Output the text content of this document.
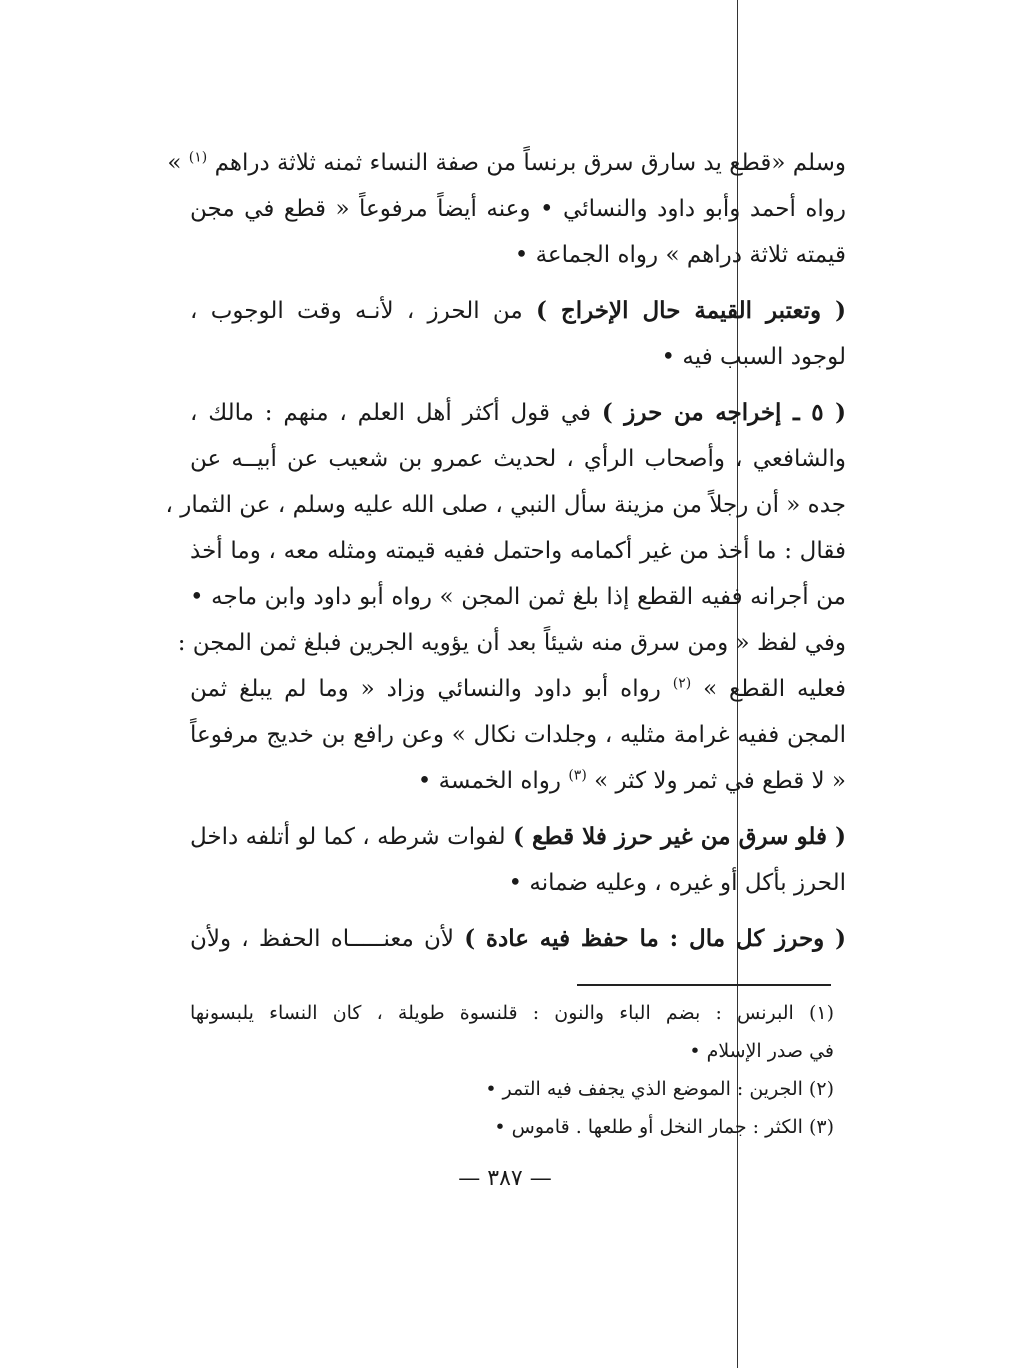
وسلم «قطع يد سارق سرق برنساً من صفة النساء ثمنه ثلاثة دراهم $^{(١)}$ »
رواه أحمد وأبو داود والنسائي • وعنه أيضاً مرفوعاً « قطع في مجن
قيمته ثلاثة دراهم » رواه الجماعة •
( وتعتبر القيمة حال الإخراج ) من الحرز ، لأنـه وقت الوجوب ،
لوجود السبب فيه •
( ٥ ـ إخراجه من حرز ) في قول أكثر أهل العلم ، منهم : مالك ،
والشافعي ، وأصحاب الرأي ، لحديث عمرو بن شعيب عن أبيــه عن
جده « أن رجلاً من مزينة سأل النبي ، صلى الله عليه وسلم ، عن الثمار ،
فقال : ما أخذ من غير أكمامه واحتمل ففيه قيمته ومثله معه ، وما أخذ
من أجرانه ففيه القطع إذا بلغ ثمن المجن » رواه أبو داود وابن ماجه •
وفي لفظ « ومن سرق منه شيئاً بعد أن يؤويه الجرين فبلغ ثمن المجن :
فعليه القطع » $^{(٢)}$ رواه أبو داود والنسائي وزاد « وما لم يبلغ ثمن
المجن ففيه غرامة مثليه ، وجلدات نكال » وعن رافع بن خديج مرفوعاً
« لا قطع في ثمر ولا كثر » $^{(٣)}$ رواه الخمسة •
( فلو سرق من غير حرز فلا قطع ) لفوات شرطه ، كما لو أتلفه داخل
الحرز بأكل أو غيره ، وعليه ضمانه •
( وحرز كل مال : ما حفظ فيه عادة ) لأن معنـــــاه الحفظ ، ولأن
(١) البرنس : بضم الباء والنون : قلنسوة طويلة ، كان النساء يلبسونها
في صدر الإسلام •
(٢) الجرين : الموضع الذي يجفف فيه التمر •
(٣) الكثر : جمار النخل أو طلعها . قاموس •
— ٣٨٧ —
